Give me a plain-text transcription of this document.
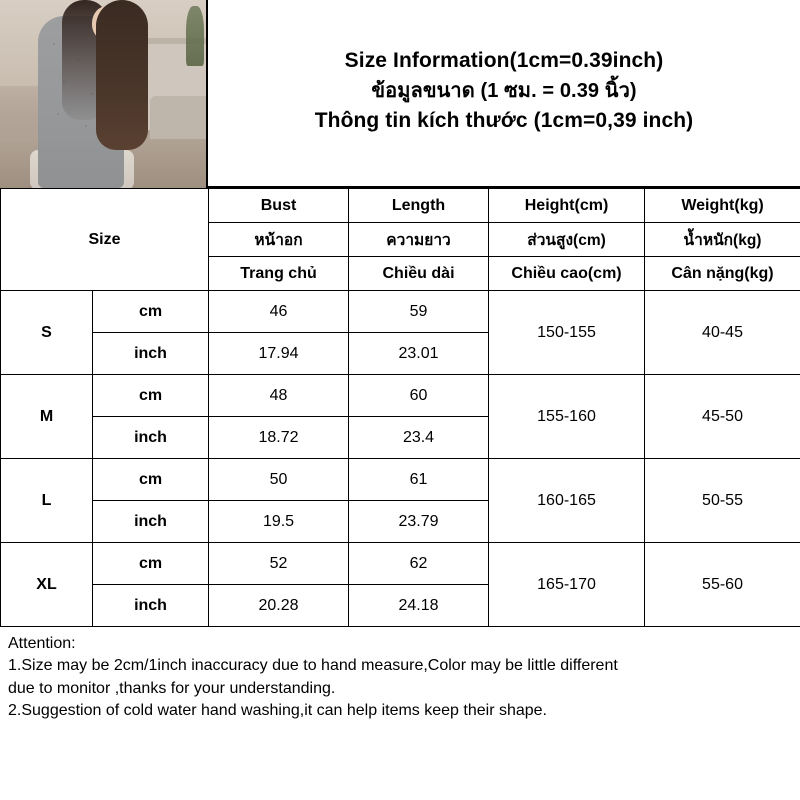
Size Information(1cm=0.39inch)
ข้อมูลขนาด (1 ซม. = 0.39 นิ้ว)
Thông tin kích thước (1cm=0,39 inch)
Size		Bust	Length	Height(cm)	Weight(kg)
		หน้าอก	ความยาว	ส่วนสูง(cm)	น้ำหนัก(kg)
		Trang chủ	Chiều dài	Chiều cao(cm)	Cân nặng(kg)
S	cm	46	59	150-155	40-45
	inch	17.94	23.01		
M	cm	48	60	155-160	45-50
	inch	18.72	23.4		
L	cm	50	61	160-165	50-55
	inch	19.5	23.79		
XL	cm	52	62	165-170	55-60
	inch	20.28	24.18		
Attention:
1.Size may be 2cm/1inch inaccuracy due to hand measure,Color may be little different
due to monitor ,thanks for your understanding.
2.Suggestion of cold water hand washing,it can help items keep their shape.
